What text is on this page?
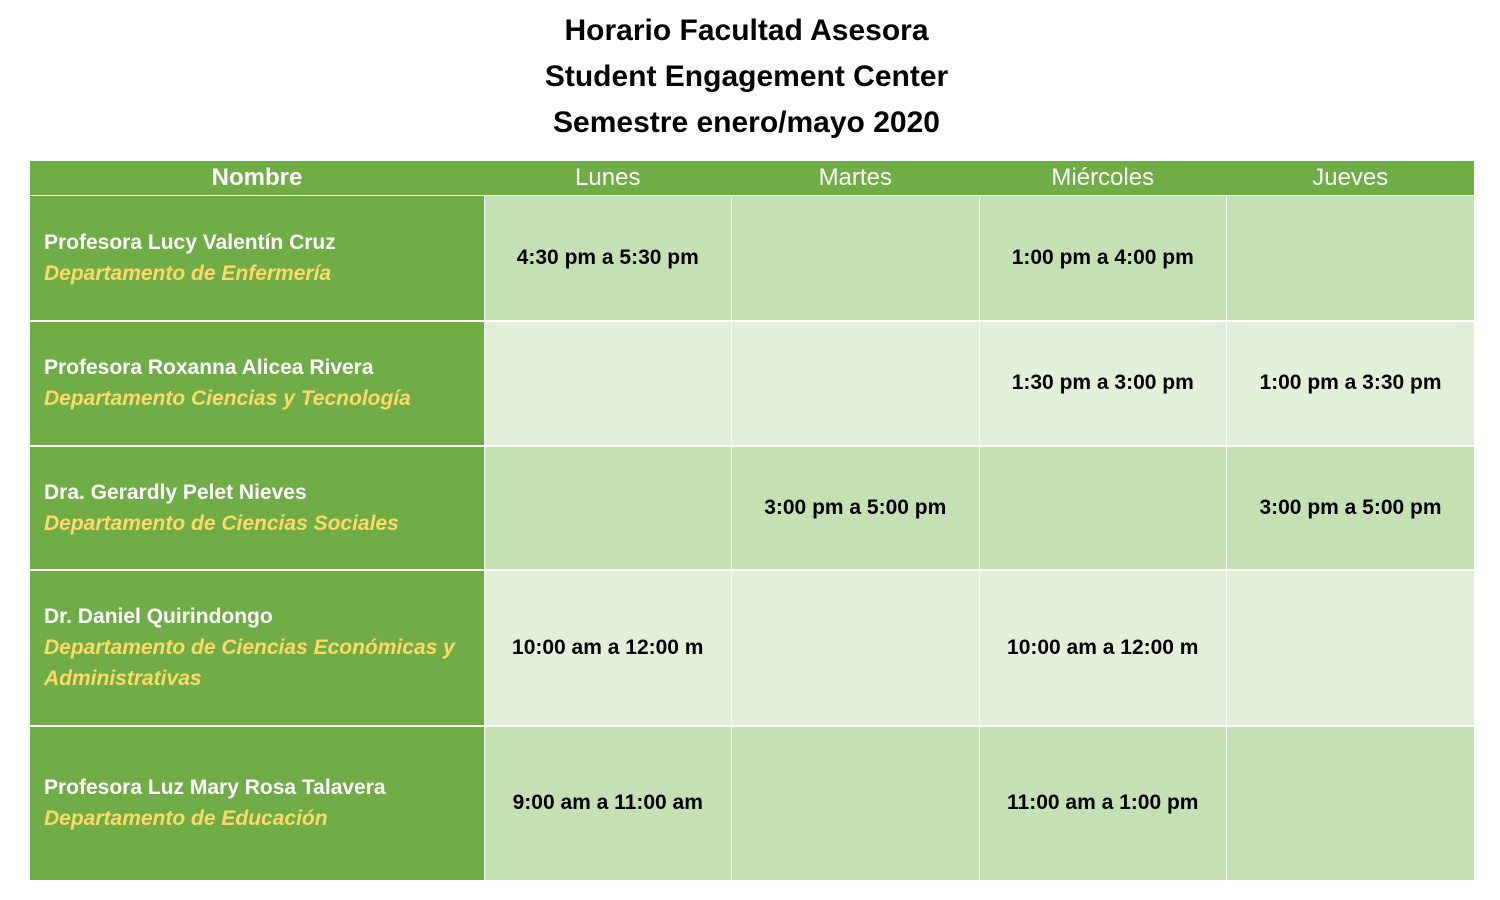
Horario Facultad Asesora
Student Engagement Center
Semestre enero/mayo 2020
Nombre	Lunes	Martes	Miércoles	Jueves

Profesora Lucy Valentín Cruz
Departamento de Enfermería	4:30 pm a 5:30 pm		1:00 pm a 4:00 pm	

Profesora Roxanna Alicea Rivera
Departamento Ciencias y Tecnología			1:30 pm a 3:00 pm	1:00 pm a 3:30 pm

Dra. Gerardly Pelet Nieves
Departamento de Ciencias Sociales		3:00 pm a 5:00 pm		3:00 pm a 5:00 pm

Dr. Daniel Quirindongo
Departamento de Ciencias Económicas y Administrativas	10:00 am a 12:00 m		10:00 am a 12:00 m	

Profesora Luz Mary Rosa Talavera
Departamento de Educación	9:00 am a 11:00 am		11:00 am a 1:00 pm	
